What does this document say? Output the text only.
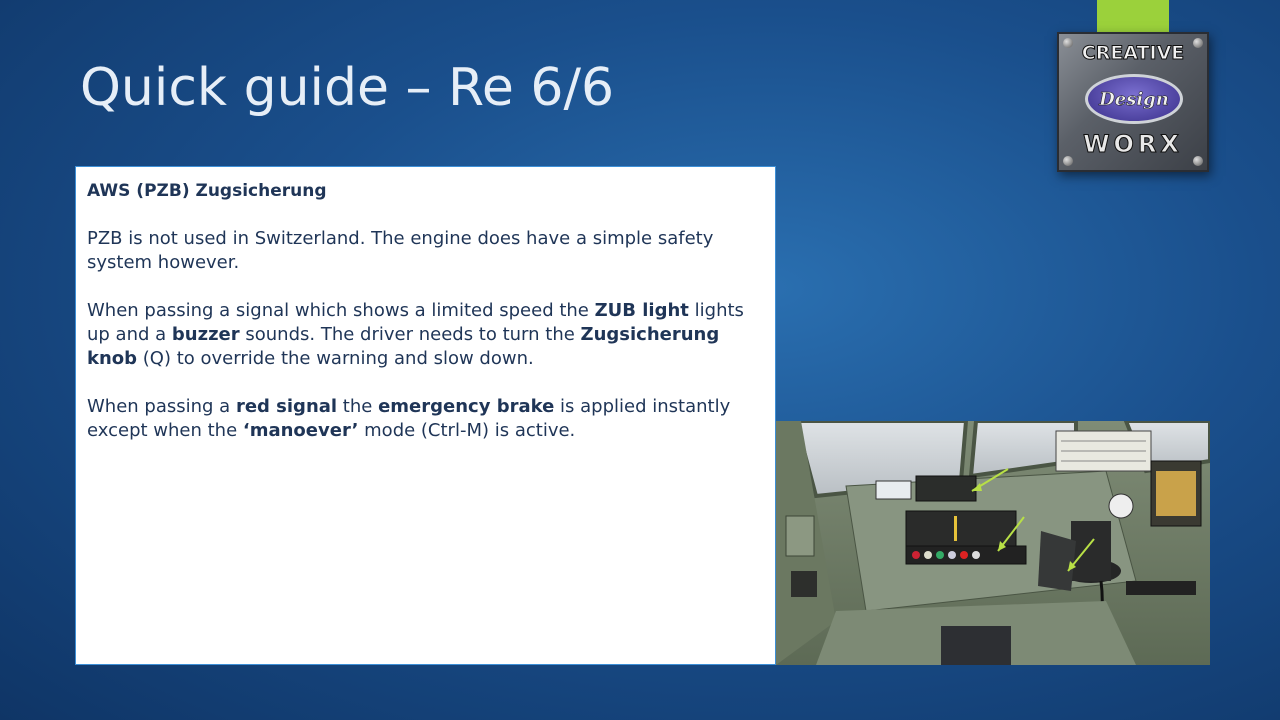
Quick guide – Re 6/6
CREATIVE
Design
WORX

AWS (PZB) Zugsicherung

PZB is not used in Switzerland. The engine does have a simple safety system however.

When passing a signal which shows a limited speed the ZUB light lights up and a buzzer sounds. The driver needs to turn the Zugsicherung knob (Q) to override the warning and slow down.

When passing a red signal the emergency brake is applied instantly except when the ‘manoever’ mode (Ctrl-M) is active.
